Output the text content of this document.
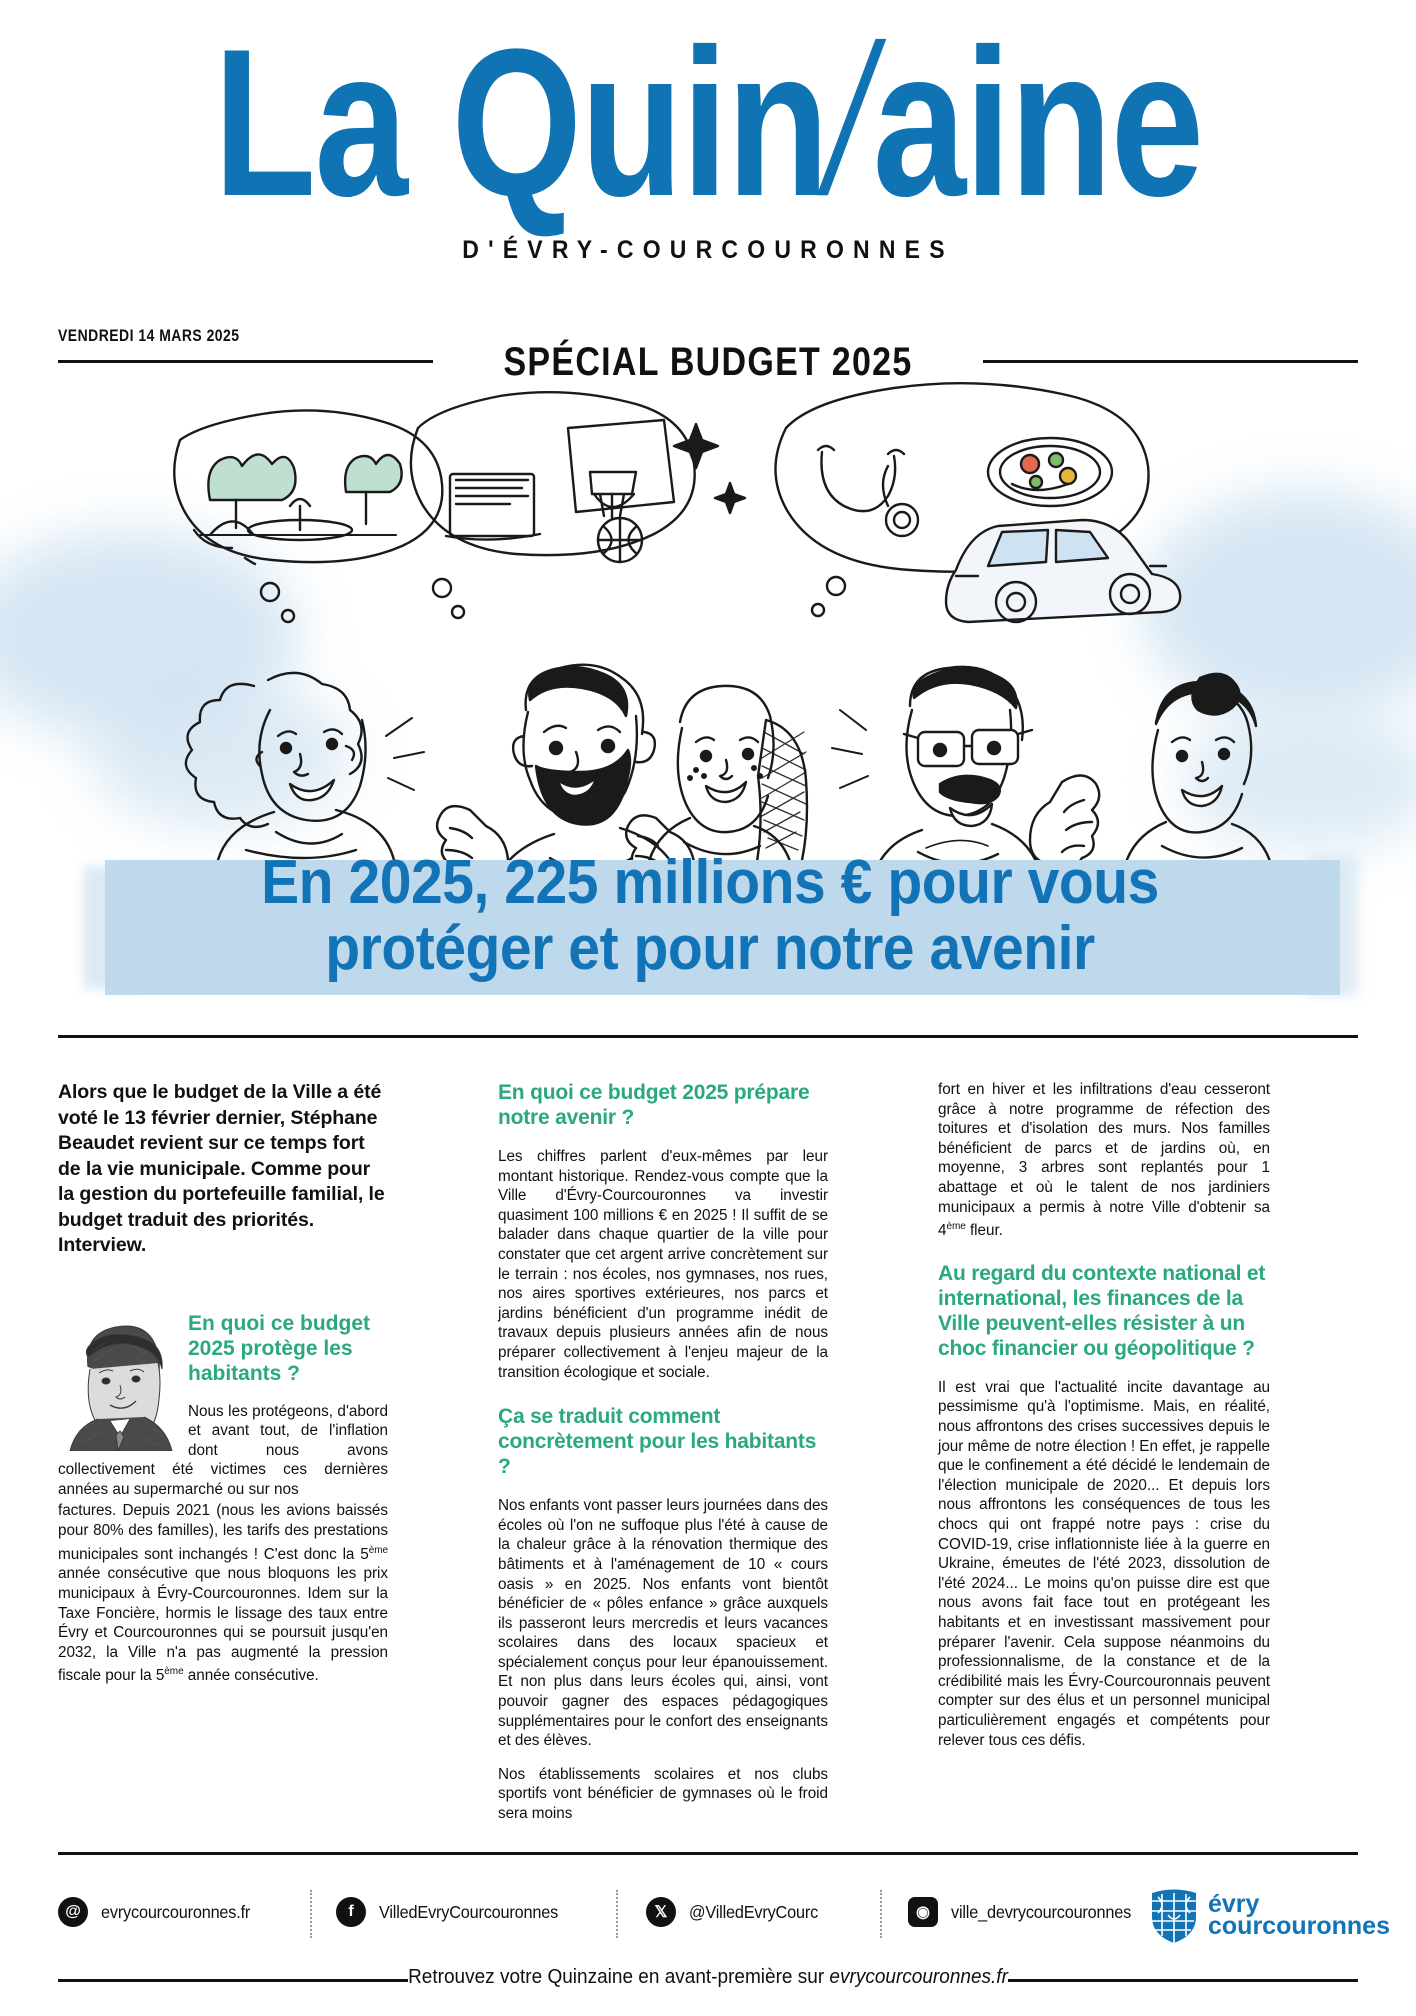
La Quin/aine
D'ÉVRY-COURCOURONNES
VENDREDI 14 MARS 2025
SPÉCIAL BUDGET 2025
En 2025, 225 millions € pour vous
protéger et pour notre avenir
Alors que le budget de la Ville a été voté le 13 février dernier, Stéphane Beaudet revient sur ce temps fort de la vie municipale. Comme pour la gestion du portefeuille familial, le budget traduit des priorités. Interview.
En quoi ce budget 2025 protège les habitants ?

Nous les protégeons, d'abord et avant tout, de l'inflation dont nous avons collectivement été victimes ces dernières années au supermarché ou sur nos

factures. Depuis 2021 (nous les avions baissés pour 80% des familles), les tarifs des prestations municipales sont inchangés ! C'est donc la 5ème année consécutive que nous bloquons les prix municipaux à Évry-Courcouronnes. Idem sur la Taxe Foncière, hormis le lissage des taux entre Évry et Courcouronnes qui se poursuit jusqu'en 2032, la Ville n'a pas augmenté la pression fiscale pour la 5ème année consécutive.

En quoi ce budget 2025 prépare notre avenir ?

Les chiffres parlent d'eux-mêmes par leur montant historique. Rendez-vous compte que la Ville d'Évry-Courcouronnes va investir quasiment 100 millions € en 2025 ! Il suffit de se balader dans chaque quartier de la ville pour constater que cet argent arrive concrètement sur le terrain : nos écoles, nos gymnases, nos rues, nos aires sportives extérieures, nos parcs et jardins bénéficient d'un programme inédit de travaux depuis plusieurs années afin de nous préparer collectivement à l'enjeu majeur de la transition écologique et sociale.

Ça se traduit comment concrètement pour les habitants ?

Nos enfants vont passer leurs journées dans des écoles où l'on ne suffoque plus l'été à cause de la chaleur grâce à la rénovation thermique des bâtiments et à l'aménagement de 10 « cours oasis » en 2025. Nos enfants vont bientôt bénéficier de « pôles enfance » grâce auxquels ils passeront leurs mercredis et leurs vacances scolaires dans des locaux spacieux et spécialement conçus pour leur épanouissement. Et non plus dans leurs écoles qui, ainsi, vont pouvoir gagner des espaces pédagogiques supplémentaires pour le confort des enseignants et des élèves.

Nos établissements scolaires et nos clubs sportifs vont bénéficier de gymnases où le froid sera moins

fort en hiver et les infiltrations d'eau cesseront grâce à notre programme de réfection des toitures et d'isolation des murs. Nos familles bénéficient de parcs et de jardins où, en moyenne, 3 arbres sont replantés pour 1 abattage et où le talent de nos jardiniers municipaux a permis à notre Ville d'obtenir sa 4ème fleur.

Au regard du contexte national et international, les finances de la Ville peuvent-elles résister à un choc financier ou géopolitique ?

Il est vrai que l'actualité incite davantage au pessimisme qu'à l'optimisme. Mais, en réalité, nous affrontons des crises successives depuis le jour même de notre élection ! En effet, je rappelle que le confinement a été décidé le lendemain de l'élection municipale de 2020... Et depuis lors nous affrontons les conséquences de tous les chocs qui ont frappé notre pays : crise du COVID-19, crise inflationniste liée à la guerre en Ukraine, émeutes de l'été 2023, dissolution de l'été 2024... Le moins qu'on puisse dire est que nous avons fait face tout en protégeant les habitants et en investissant massivement pour préparer l'avenir. Cela suppose néanmoins du professionnalisme, de la constance et de la crédibilité mais les Évry-Courcouronnais peuvent compter sur des élus et un personnel municipal particulièrement engagés et compétents pour relever tous ces défis.

@	evrycourcouronnes.fr	f	VilledEvryCourcouronnes	𝕏	@VilledEvryCourc	◉	ville_devrycourcouronnes	évry
courcouronnes
Retrouvez votre Quinzaine en avant-première sur evrycourcouronnes.fr
